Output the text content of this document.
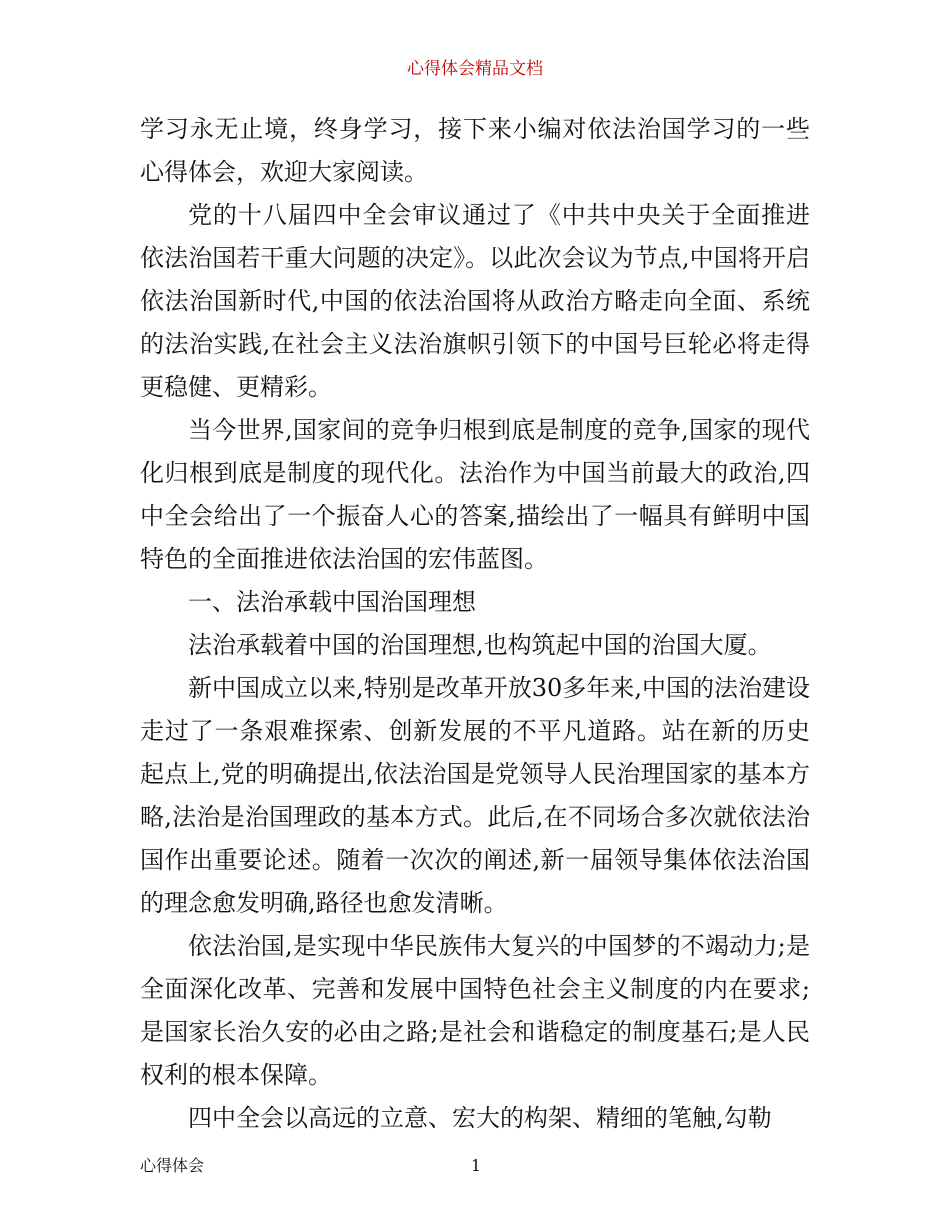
心得体会精品文档

学习永无止境，终身学习，接下来小编对依法治国学习的一些心得体会，欢迎大家阅读。

党的十八届四中全会审议通过了《中共中央关于全面推进依法治国若干重大问题的决定》。以此次会议为节点,中国将开启依法治国新时代,中国的依法治国将从政治方略走向全面、系统的法治实践,在社会主义法治旗帜引领下的中国号巨轮必将走得更稳健、更精彩。

当今世界,国家间的竞争归根到底是制度的竞争,国家的现代化归根到底是制度的现代化。法治作为中国当前最大的政治,四中全会给出了一个振奋人心的答案,描绘出了一幅具有鲜明中国特色的全面推进依法治国的宏伟蓝图。

一、法治承载中国治国理想

法治承载着中国的治国理想,也构筑起中国的治国大厦。

新中国成立以来,特别是改革开放30多年来,中国的法治建设走过了一条艰难探索、创新发展的不平凡道路。站在新的历史起点上,党的明确提出,依法治国是党领导人民治理国家的基本方略,法治是治国理政的基本方式。此后,在不同场合多次就依法治国作出重要论述。随着一次次的阐述,新一届领导集体依法治国的理念愈发明确,路径也愈发清晰。

依法治国,是实现中华民族伟大复兴的中国梦的不竭动力;是全面深化改革、完善和发展中国特色社会主义制度的内在要求;是国家长治久安的必由之路;是社会和谐稳定的制度基石;是人民权利的根本保障。

四中全会以高远的立意、宏大的构架、精细的笔触,勾勒

心得体会	1
